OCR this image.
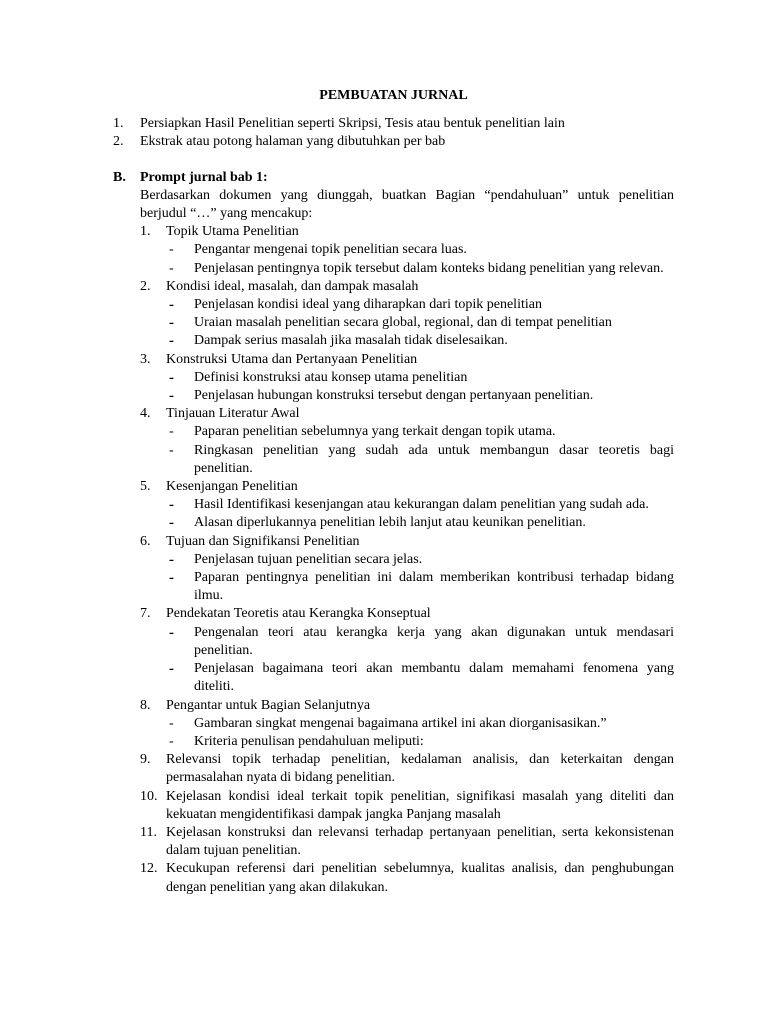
PEMBUATAN JURNAL
1.	Persiapkan Hasil Penelitian seperti Skripsi, Tesis atau bentuk penelitian lain
2.	Ekstrak atau potong halaman yang dibutuhkan per bab
B.	Prompt jurnal bab 1:
Berdasarkan dokumen yang diunggah, buatkan Bagian “pendahuluan” untuk penelitian berjudul “…” yang mencakup:
1.	Topik Utama Penelitian
-	Pengantar mengenai topik penelitian secara luas.
-	Penjelasan pentingnya topik tersebut dalam konteks bidang penelitian yang relevan.
2.	Kondisi ideal, masalah, dan dampak masalah
-	Penjelasan kondisi ideal yang diharapkan dari topik penelitian
-	Uraian masalah penelitian secara global, regional, dan di tempat penelitian
-	Dampak serius masalah jika masalah tidak diselesaikan.
3.	Konstruksi Utama dan Pertanyaan Penelitian
-	Definisi konstruksi atau konsep utama penelitian
-	Penjelasan hubungan konstruksi tersebut dengan pertanyaan penelitian.
4.	Tinjauan Literatur Awal
-	Paparan penelitian sebelumnya yang terkait dengan topik utama.
-	Ringkasan penelitian yang sudah ada untuk membangun dasar teoretis bagi penelitian.
5.	Kesenjangan Penelitian
-	Hasil Identifikasi kesenjangan atau kekurangan dalam penelitian yang sudah ada.
-	Alasan diperlukannya penelitian lebih lanjut atau keunikan penelitian.
6.	Tujuan dan Signifikansi Penelitian
-	Penjelasan tujuan penelitian secara jelas.
-	Paparan pentingnya penelitian ini dalam memberikan kontribusi terhadap bidang ilmu.
7.	Pendekatan Teoretis atau Kerangka Konseptual
-	Pengenalan teori atau kerangka kerja yang akan digunakan untuk mendasari penelitian.
-	Penjelasan bagaimana teori akan membantu dalam memahami fenomena yang diteliti.
8.	Pengantar untuk Bagian Selanjutnya
-	Gambaran singkat mengenai bagaimana artikel ini akan diorganisasikan.”
-	Kriteria penulisan pendahuluan meliputi:
9.	Relevansi topik terhadap penelitian, kedalaman analisis, dan keterkaitan dengan permasalahan nyata di bidang penelitian.
10. Kejelasan kondisi ideal terkait topik penelitian, signifikasi masalah yang diteliti dan kekuatan mengidentifikasi dampak jangka Panjang masalah
11. Kejelasan konstruksi dan relevansi terhadap pertanyaan penelitian, serta kekonsistenan dalam tujuan penelitian.
12. Kecukupan referensi dari penelitian sebelumnya, kualitas analisis, dan penghubungan dengan penelitian yang akan dilakukan.
